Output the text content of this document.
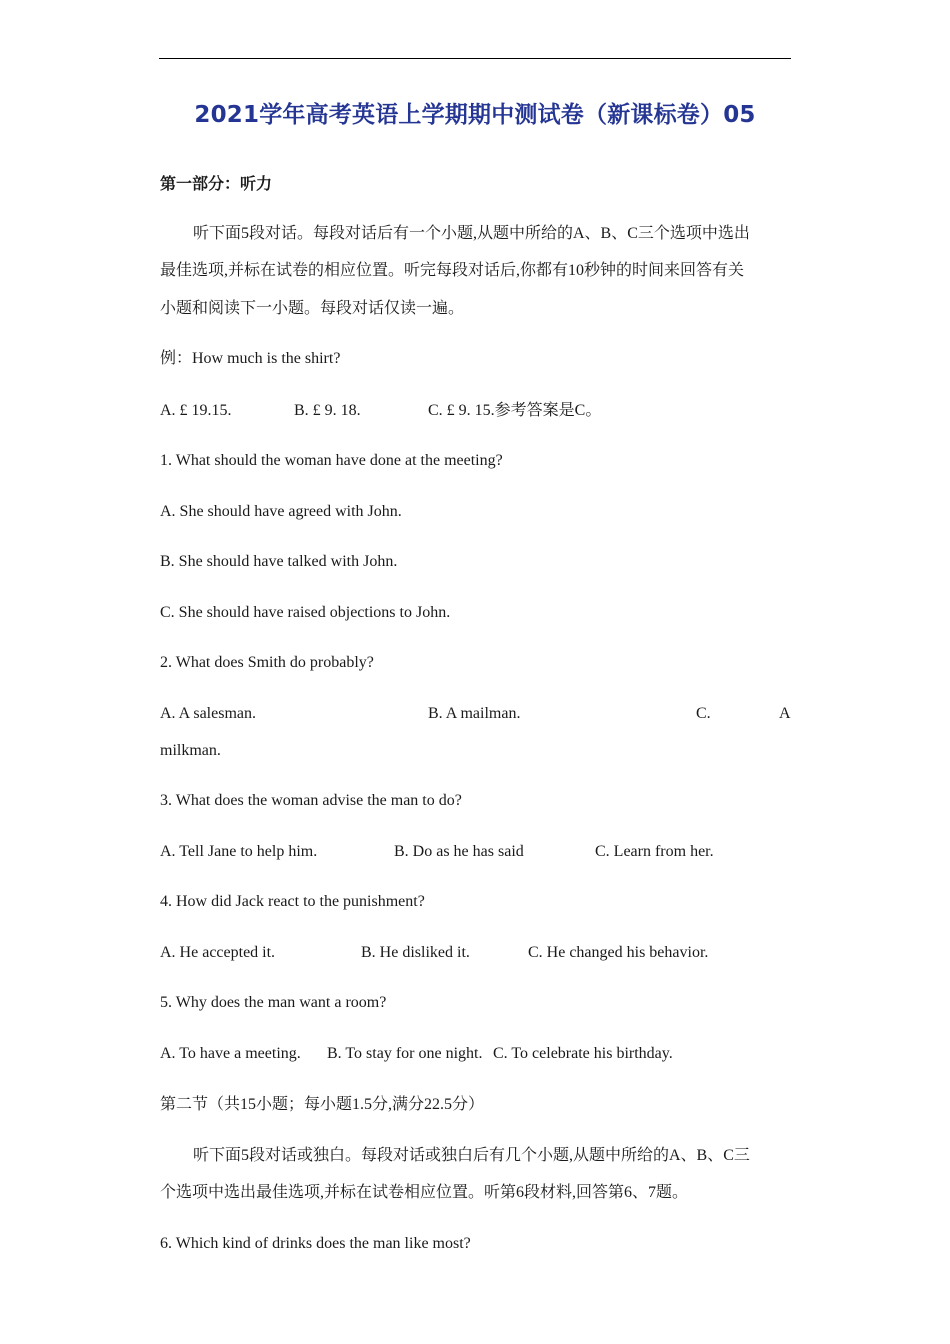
2021学年高考英语上学期期中测试卷（新课标卷）05
第一部分：听力
听下面5段对话。每段对话后有一个小题,从题中所给的A、B、C三个选项中选出
最佳选项,并标在试卷的相应位置。听完每段对话后,你都有10秒钟的时间来回答有关
小题和阅读下一小题。每段对话仅读一遍。
例：How much is the shirt?
A. £ 19.15.	B. £ 9. 18.	C. £ 9. 15.参考答案是C。
1. What should the woman have done at the meeting?
A. She should have agreed with John.
B. She should have talked with John.
C. She should have raised objections to John.
2. What does Smith do probably?
A. A salesman.	B. A mailman.	C.	A
milkman.
3. What does the woman advise the man to do?
A. Tell Jane to help him.	B. Do as he has said	C. Learn from her.
4. How did Jack react to the punishment?
A. He accepted it.	B. He disliked it.	C. He changed his behavior.
5. Why does the man want a room?
A. To have a meeting. B. To stay for one night. C. To celebrate his birthday.
第二节（共15小题；每小题1.5分,满分22.5分）
听下面5段对话或独白。每段对话或独白后有几个小题,从题中所给的A、B、C三
个选项中选出最佳选项,并标在试卷相应位置。听第6段材料,回答第6、7题。
6. Which kind of drinks does the man like most?
